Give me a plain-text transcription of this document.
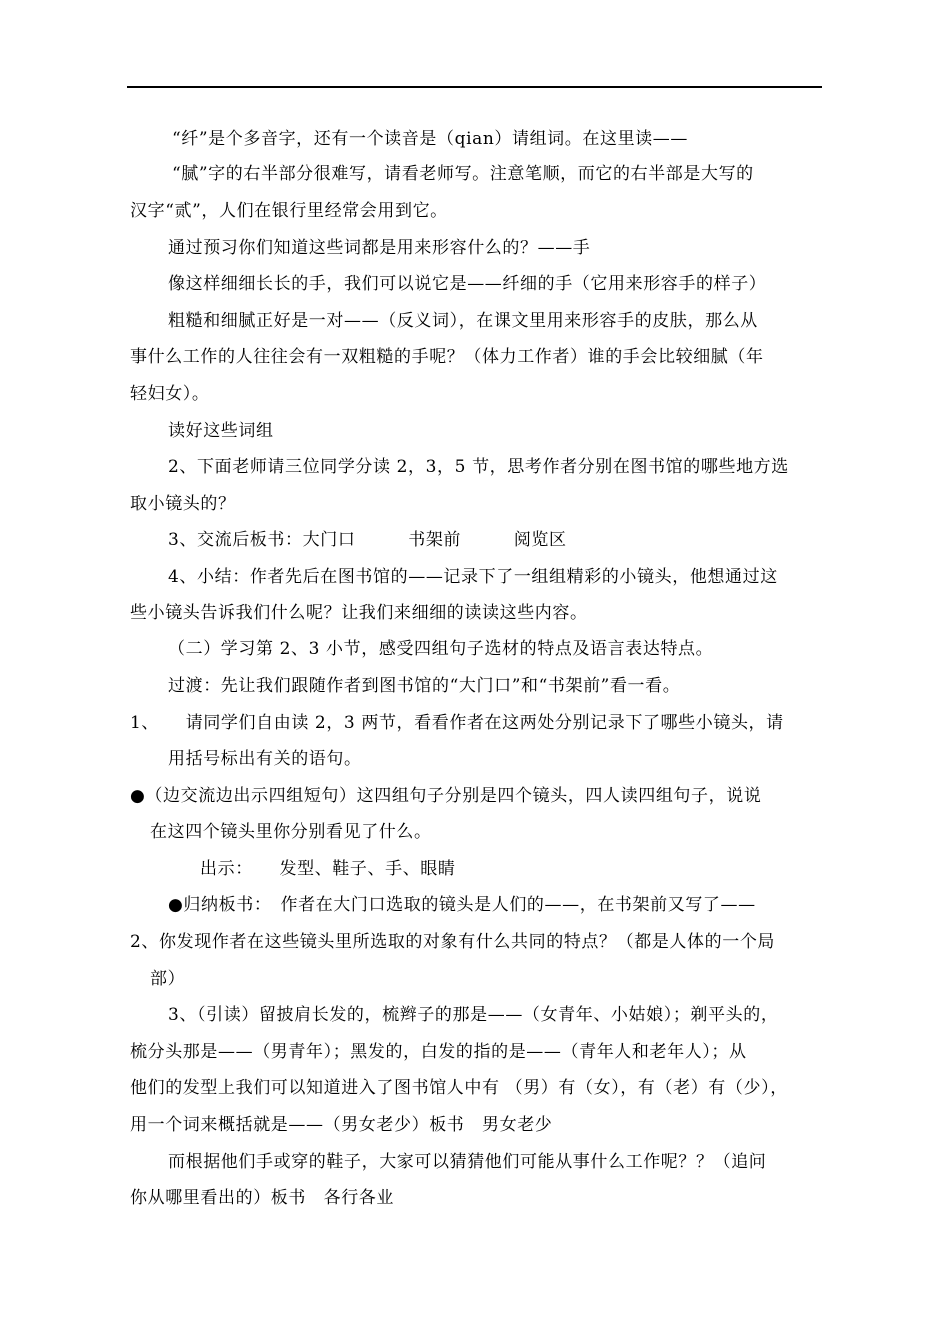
“纤”是个多音字，还有一个读音是（qian）请组词。在这里读——
“腻”字的右半部分很难写，请看老师写。注意笔顺，而它的右半部是大写的
汉字“贰”，人们在银行里经常会用到它。
通过预习你们知道这些词都是用来形容什么的？——手
像这样细细长长的手，我们可以说它是——纤细的手（它用来形容手的样子）
粗糙和细腻正好是一对——（反义词），在课文里用来形容手的皮肤，那么从
事什么工作的人往往会有一双粗糙的手呢？（体力工作者）谁的手会比较细腻（年
轻妇女）。
读好这些词组
2、下面老师请三位同学分读 2，3，5 节，思考作者分别在图书馆的哪些地方选
取小镜头的？
3、交流后板书：大门口　　　书架前　　　阅览区
4、小结：作者先后在图书馆的——记录下了一组组精彩的小镜头，他想通过这
些小镜头告诉我们什么呢？让我们来细细的读读这些内容。
（二）学习第 2、3 小节，感受四组句子选材的特点及语言表达特点。
过渡：先让我们跟随作者到图书馆的“大门口”和“书架前”看一看。
1、　　请同学们自由读 2，3 两节，看看作者在这两处分别记录下了哪些小镜头，请
用括号标出有关的语句。
●（边交流边出示四组短句）这四组句子分别是四个镜头，四人读四组句子，说说
在这四个镜头里你分别看见了什么。
出示：　　发型、鞋子、手、眼睛
●归纳板书：　作者在大门口选取的镜头是人们的——，在书架前又写了——
2、你发现作者在这些镜头里所选取的对象有什么共同的特点？（都是人体的一个局
部）
3、（引读）留披肩长发的，梳辫子的那是——（女青年、小姑娘）；剃平头的，
梳分头那是——（男青年）；黑发的，白发的指的是——（青年人和老年人）；从
他们的发型上我们可以知道进入了图书馆人中有 （男）有（女），有（老）有（少），
用一个词来概括就是——（男女老少）板书　男女老少
而根据他们手或穿的鞋子，大家可以猜猜他们可能从事什么工作呢？？（追问
你从哪里看出的）板书　各行各业
